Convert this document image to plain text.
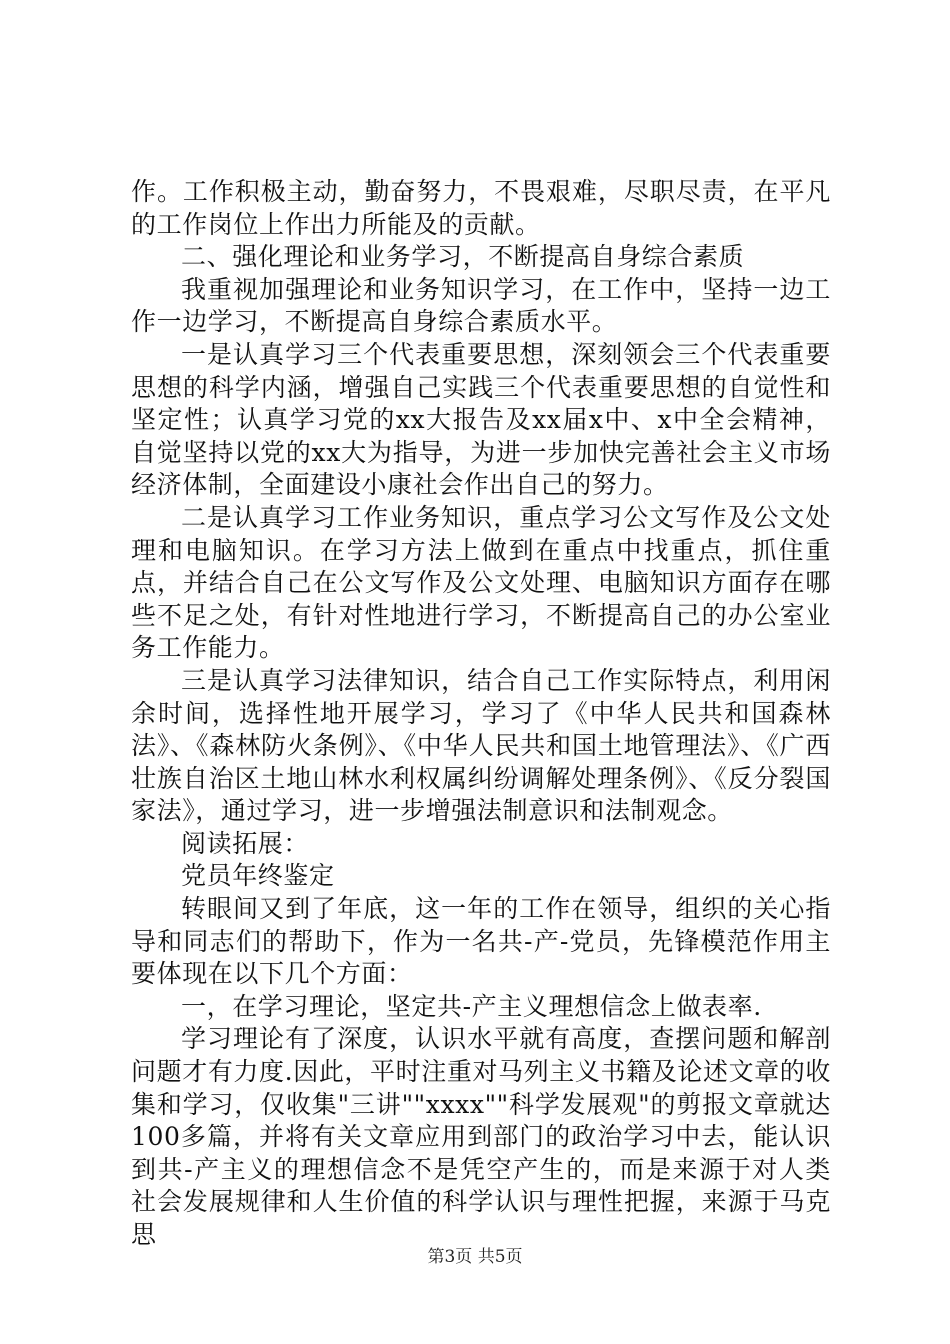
作。工作积极主动，勤奋努力，不畏艰难，尽职尽责，在平凡的工作岗位上作出力所能及的贡献。

二、强化理论和业务学习，不断提高自身综合素质

我重视加强理论和业务知识学习，在工作中，坚持一边工作一边学习，不断提高自身综合素质水平。

一是认真学习三个代表重要思想，深刻领会三个代表重要思想的科学内涵，增强自己实践三个代表重要思想的自觉性和坚定性；认真学习党的xx大报告及xx届x中、x中全会精神，自觉坚持以党的xx大为指导，为进一步加快完善社会主义市场经济体制，全面建设小康社会作出自己的努力。

二是认真学习工作业务知识，重点学习公文写作及公文处理和电脑知识。在学习方法上做到在重点中找重点，抓住重点，并结合自己在公文写作及公文处理、电脑知识方面存在哪些不足之处，有针对性地进行学习，不断提高自己的办公室业务工作能力。

三是认真学习法律知识，结合自己工作实际特点，利用闲余时间，选择性地开展学习，学习了《中华人民共和国森林法》、《森林防火条例》、《中华人民共和国土地管理法》、《广西壮族自治区土地山林水利权属纠纷调解处理条例》、《反分裂国家法》，通过学习，进一步增强法制意识和法制观念。

阅读拓展：

党员年终鉴定

转眼间又到了年底，这一年的工作在领导，组织的关心指导和同志们的帮助下，作为一名共-产-党员，先锋模范作用主要体现在以下几个方面：

一，在学习理论，坚定共-产主义理想信念上做表率.

学习理论有了深度，认识水平就有高度，查摆问题和解剖问题才有力度.因此，平时注重对马列主义书籍及论述文章的收集和学习，仅收集"三讲""xxxx""科学发展观"的剪报文章就达100多篇，并将有关文章应用到部门的政治学习中去，能认识到共-产主义的理想信念不是凭空产生的，而是来源于对人类社会发展规律和人生价值的科学认识与理性把握，来源于马克思

第3页 共5页
